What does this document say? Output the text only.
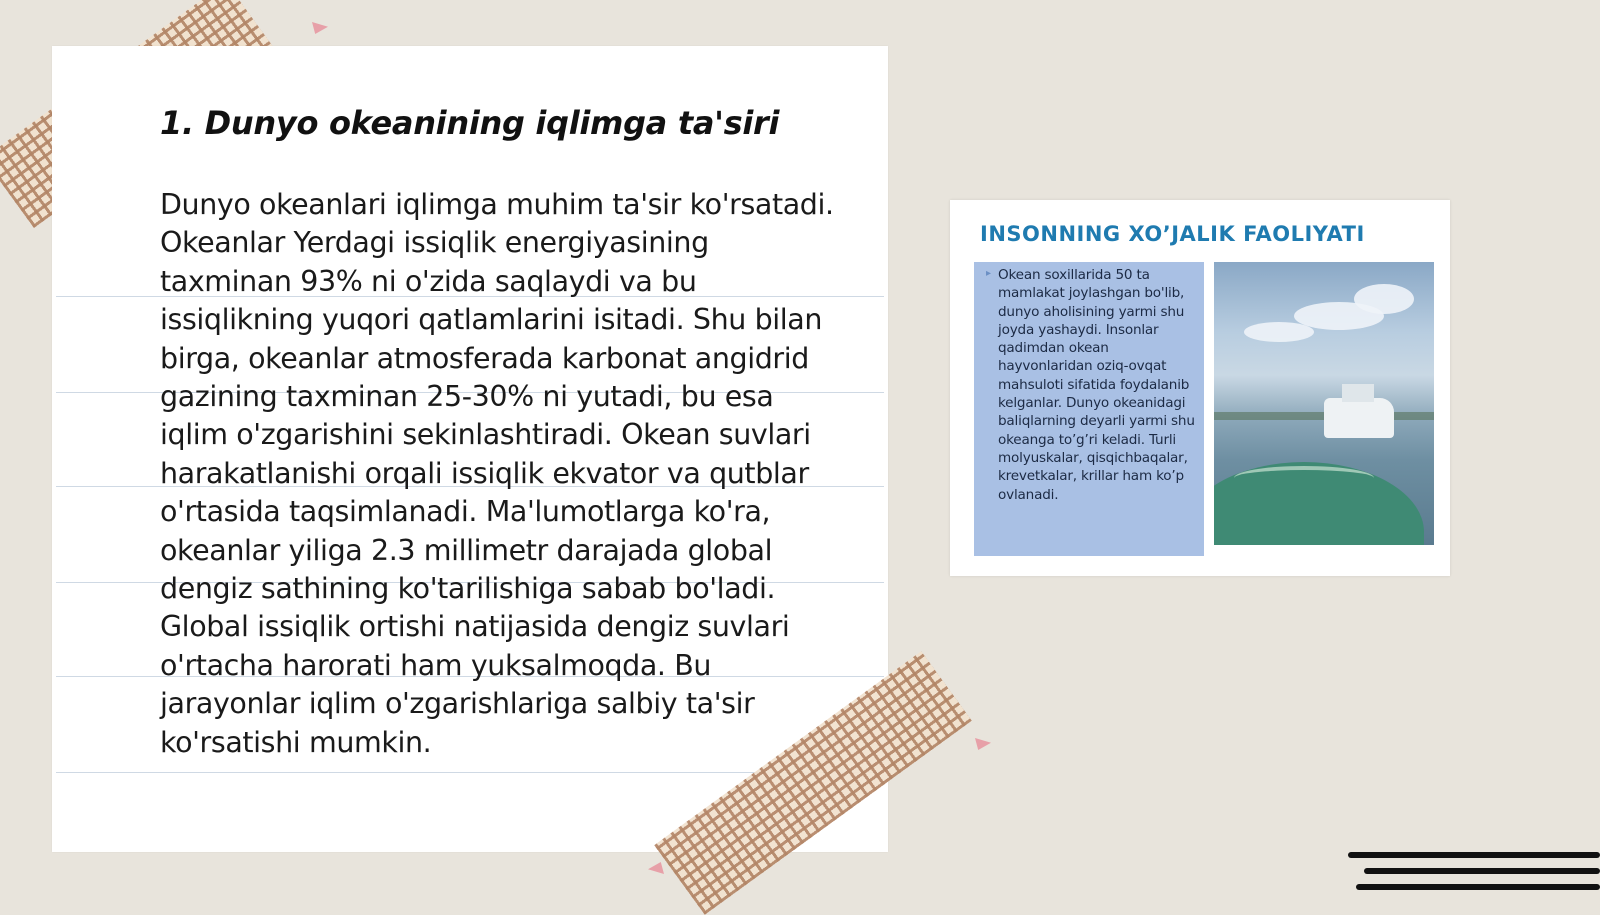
1. Dunyo okeanining iqlimga ta'siri

Dunyo okeanlari iqlimga muhim ta'sir ko'rsatadi. Okeanlar Yerdagi issiqlik energiyasining taxminan 93% ni o'zida saqlaydi va bu issiqlikning yuqori qatlamlarini isitadi. Shu bilan birga, okeanlar atmosferada karbonat angidrid gazining taxminan 25-30% ni yutadi, bu esa iqlim o'zgarishini sekinlashtiradi. Okean suvlari harakatlanishi orqali issiqlik ekvator va qutblar o'rtasida taqsimlanadi. Ma'lumotlarga ko'ra, okeanlar yiliga 2.3 millimetr darajada global dengiz sathining ko'tarilishiga sabab bo'ladi. Global issiqlik ortishi natijasida dengiz suvlari o'rtacha harorati ham yuksalmoqda. Bu jarayonlar iqlim o'zgarishlariga salbiy ta'sir ko'rsatishi mumkin.

INSONNING XO’JALIK FAOLIYATI
▸ Okean soxillarida 50 ta mamlakat joylashgan bo'lib, dunyo aholisining yarmi shu joyda yashaydi. Insonlar qadimdan okean hayvonlaridan oziq-ovqat mahsuloti sifatida foydalanib kelganlar. Dunyo okeanidagi baliqlarning deyarli yarmi shu okeanga to’g’ri keladi. Turli molyuskalar, qisqichbaqalar, krevetkalar, krillar ham ko’p ovlanadi.
